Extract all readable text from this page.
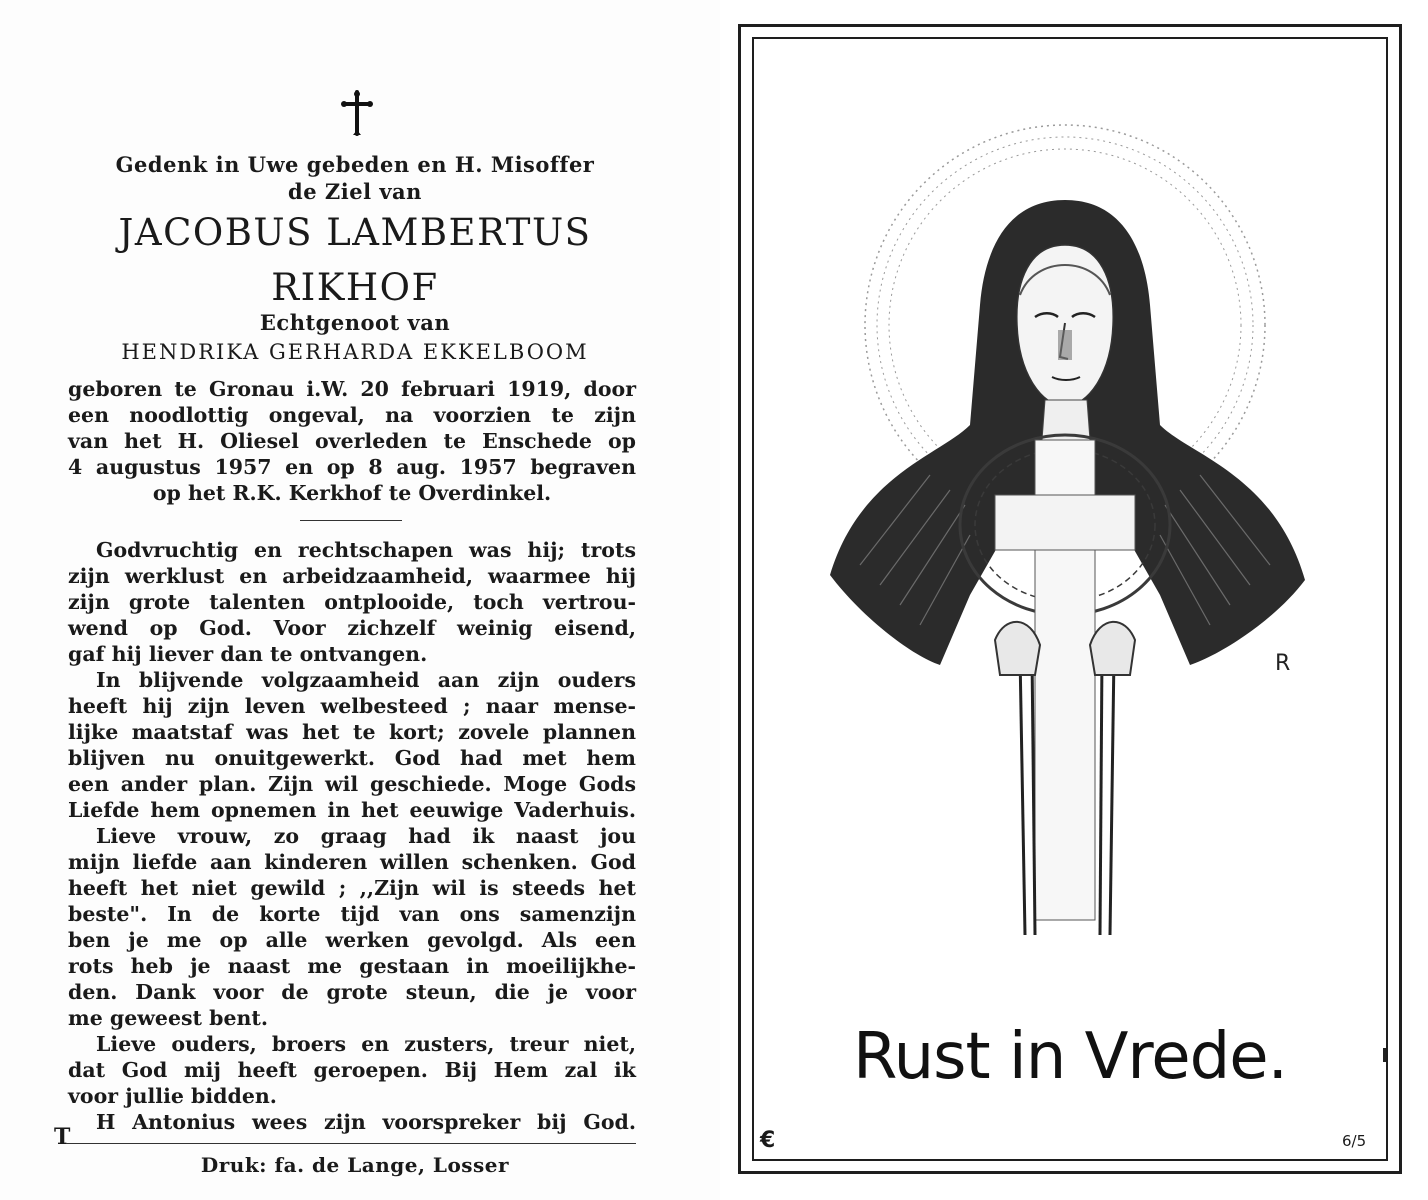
Gedenk in Uwe gebeden en H. Misoffer
de Ziel van
JACOBUS LAMBERTUS
RIKHOF
Echtgenoot van
HENDRIKA GERHARDA EKKELBOOM
geboren te Gronau i.W. 20 februari 1919, door
een noodlottig ongeval, na voorzien te zijn
van het H. Oliesel overleden te Enschede op
4 augustus 1957 en op 8 aug. 1957 begraven
op het R.K. Kerkhof te Overdinkel.
Godvruchtig en rechtschapen was hij; trots
zijn werklust en arbeidzaamheid, waarmee hij
zijn grote talenten ontplooide, toch vertrou-
wend op God. Voor zichzelf weinig eisend,
gaf hij liever dan te ontvangen.
In blijvende volgzaamheid aan zijn ouders
heeft hij zijn leven welbesteed ; naar mense-
lijke maatstaf was het te kort; zovele plannen
blijven nu onuitgewerkt. God had met hem
een ander plan. Zijn wil geschiede. Moge Gods
Liefde hem opnemen in het eeuwige Vaderhuis.
Lieve vrouw, zo graag had ik naast jou
mijn liefde aan kinderen willen schenken. God
heeft het niet gewild ; ,,Zijn wil is steeds het
beste". In de korte tijd van ons samenzijn
ben je me op alle werken gevolgd. Als een
rots heb je naast me gestaan in moeilijkhe-
den. Dank voor de grote steun, die je voor
me geweest bent.
Lieve ouders, broers en zusters, treur niet,
dat God mij heeft geroepen. Bij Hem zal ik
voor jullie bidden.
H Antonius wees zijn voorspreker bij God.
T
Druk: fa. de Lange, Losser
R
Rust in Vrede.
€	6/5
